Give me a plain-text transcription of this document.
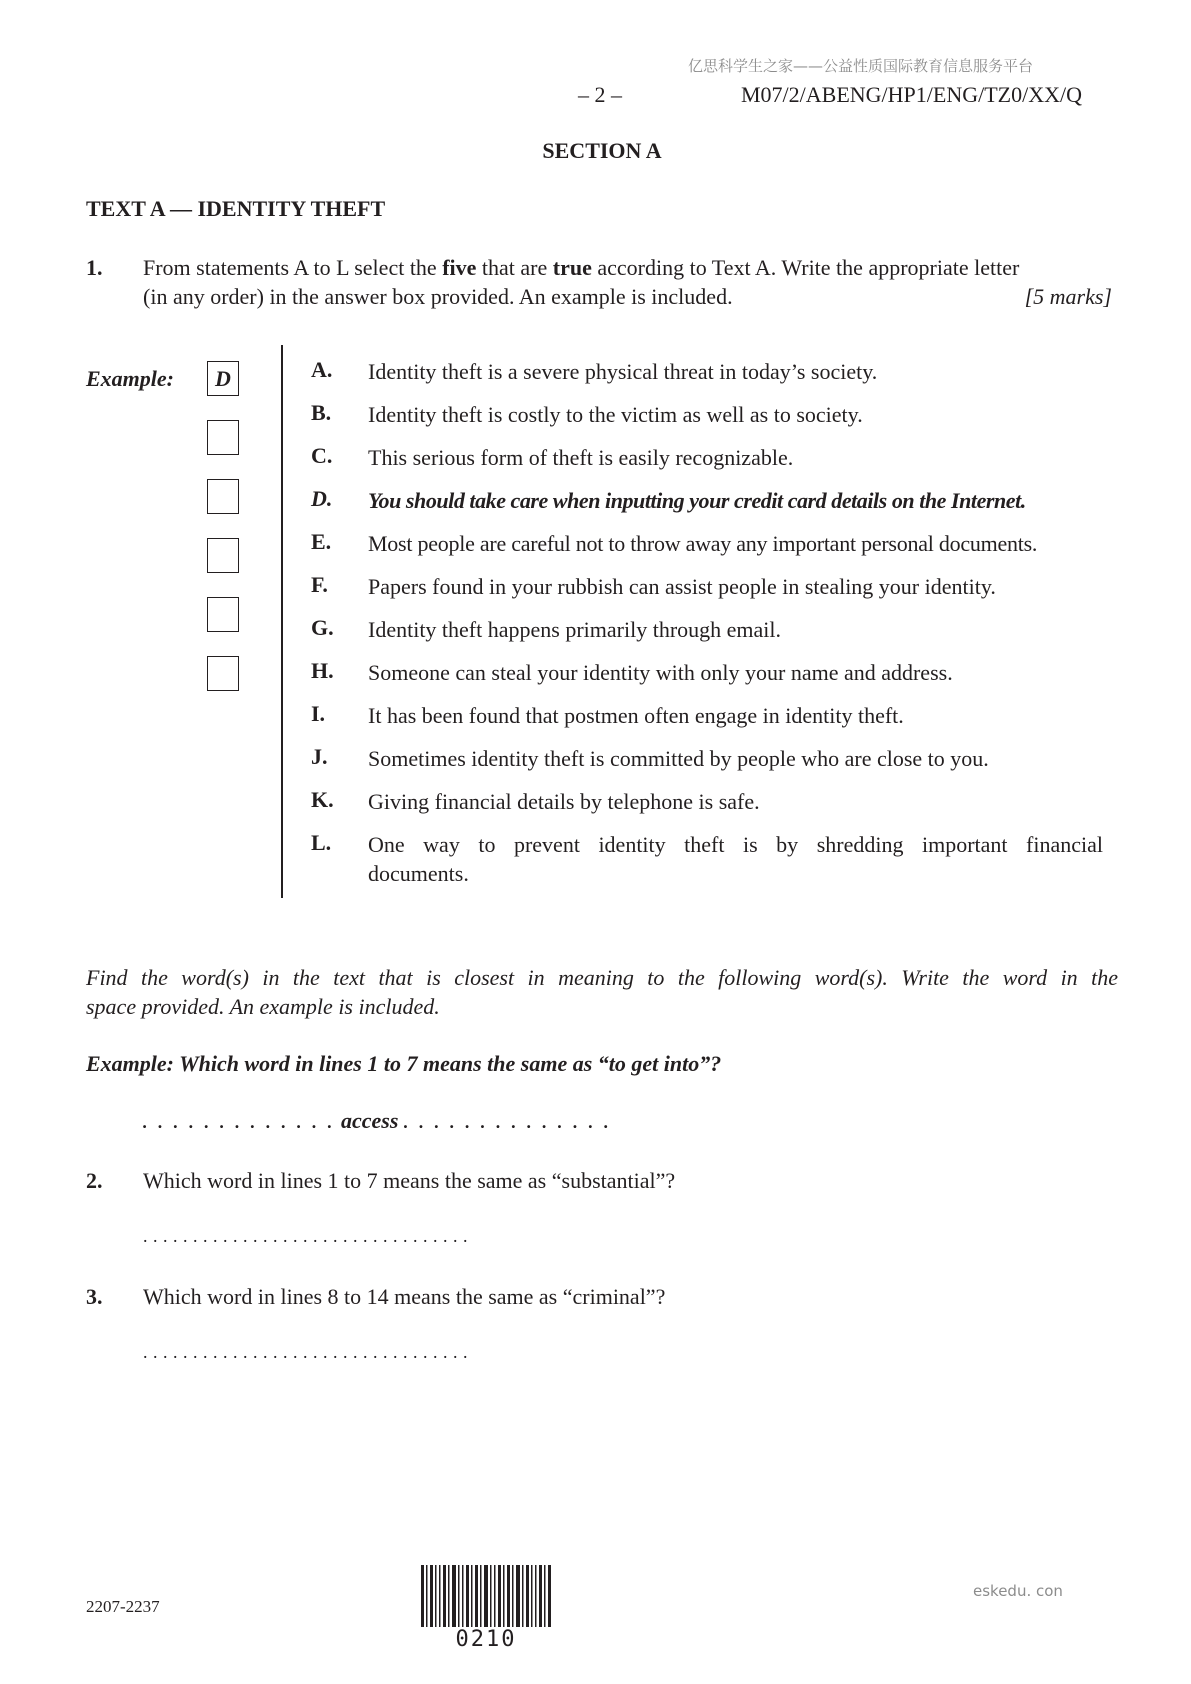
亿思科学生之家——公益性质国际教育信息服务平台
– 2 –	M07/2/ABENG/HP1/ENG/TZ0/XX/Q
SECTION A
TEXT A — IDENTITY THEFT
1. From statements A to L select the five that are true according to Text A. Write the appropriate letter
(in any order) in the answer box provided. An example is included.	[5 marks]
Example:	D	A. Identity theft is a severe physical threat in today’s society.
B. Identity theft is costly to the victim as well as to society.
C. This serious form of theft is easily recognizable.
D. You should take care when inputting your credit card details on the Internet.
E. Most people are careful not to throw away any important personal documents.
F. Papers found in your rubbish can assist people in stealing your identity.
G. Identity theft happens primarily through email.
H. Someone can steal your identity with only your name and address.
I. It has been found that postmen often engage in identity theft.
J. Sometimes identity theft is committed by people who are close to you.
K. Giving financial details by telephone is safe.
L. One way to prevent identity theft is by shredding important financial
documents.
Find the word(s) in the text that is closest in meaning to the following word(s). Write the word in the
space provided. An example is included.
Example: Which word in lines 1 to 7 means the same as “to get into”?
. . . . . . . . . . . . . access . . . . . . . . . . . . . .
2. Which word in lines 1 to 7 means the same as “substantial”?
. . . . . . . . . . . . . . . . . . . . . . . . . . . . . . . . .
3. Which word in lines 8 to 14 means the same as “criminal”?
. . . . . . . . . . . . . . . . . . . . . . . . . . . . . . . . .
2207-2237
0210
eskedu. con
